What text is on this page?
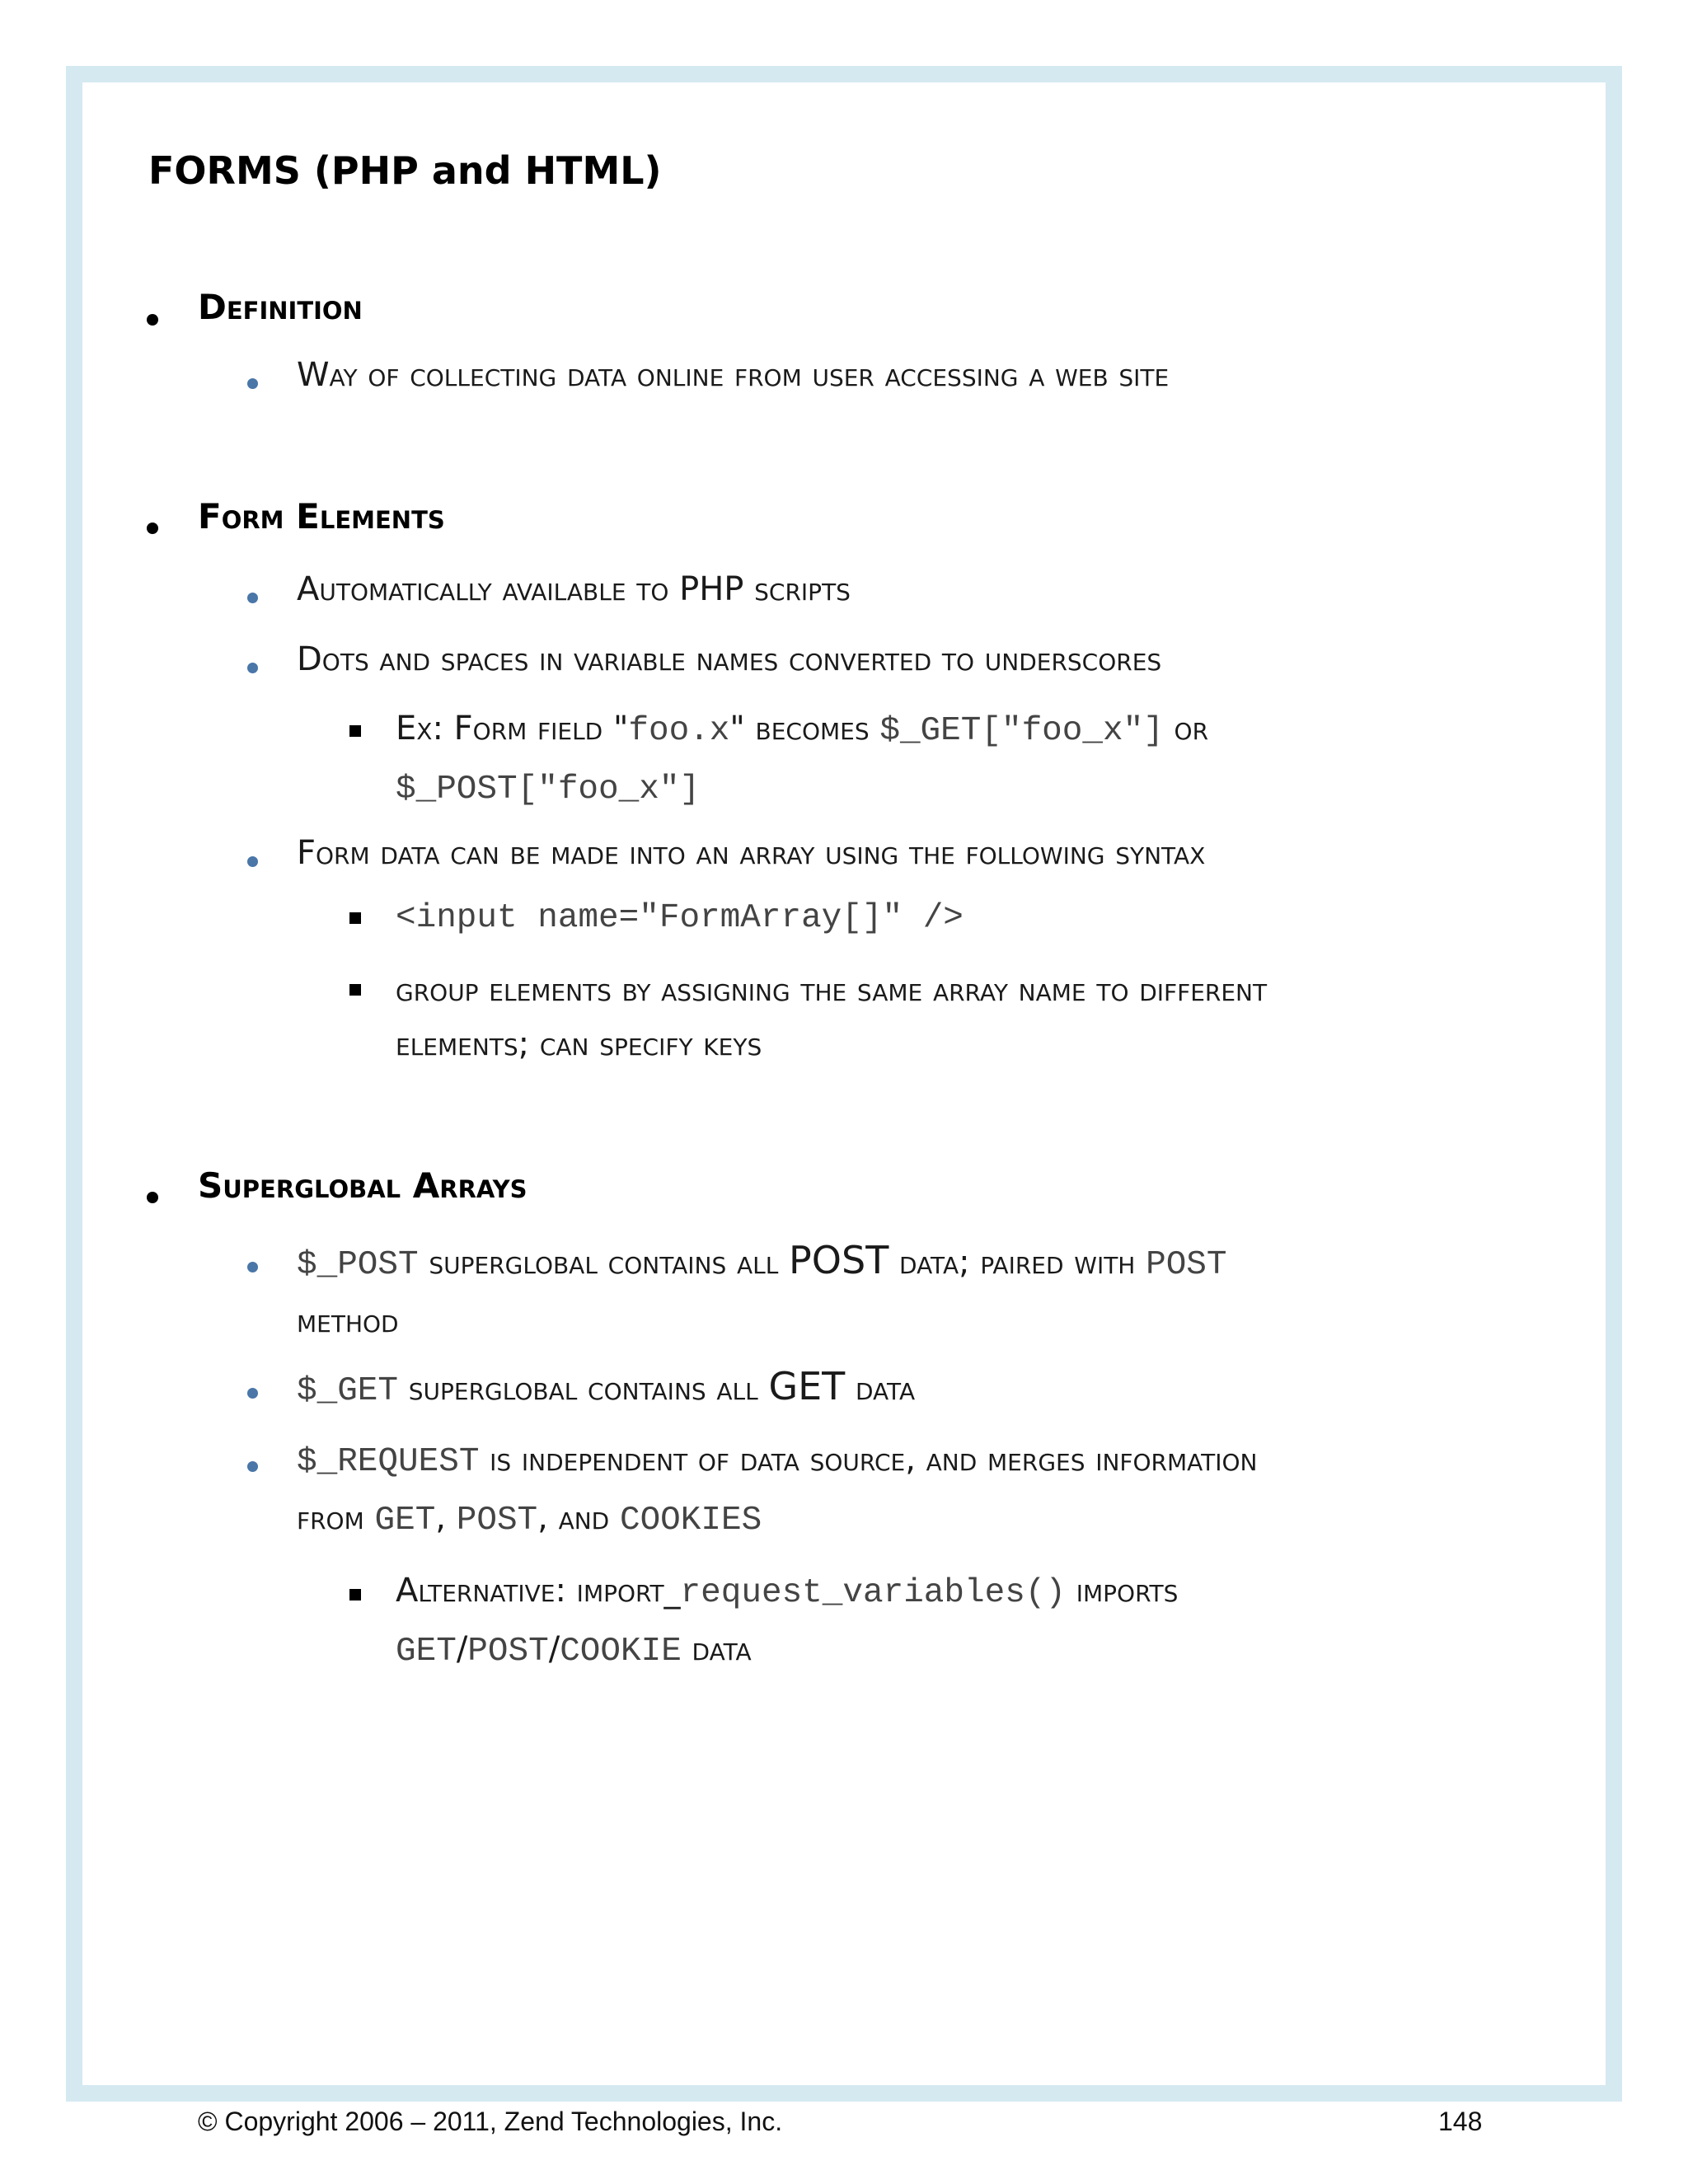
FORMS (PHP and HTML)
Definition
Way of collecting data online from user accessing a web site
Form Elements
Automatically available to PHP scripts
Dots and spaces in variable names converted to underscores
Ex: Form field "foo.x" becomes $_GET["foo_x"] or
$_POST["foo_x"]
Form data can be made into an array using the following syntax
<input name="FormArray[]" />
group elements by assigning the same array name to different
elements; can specify keys
Superglobal Arrays
$_POST superglobal contains all POST data; paired with POST
method
$_GET superglobal contains all GET data
$_REQUEST is independent of data source, and merges information
from GET, POST, and COOKIES
Alternative: import_request_variables() imports
GET/POST/COOKIE data
© Copyright 2006 – 2011, Zend Technologies, Inc.	148
